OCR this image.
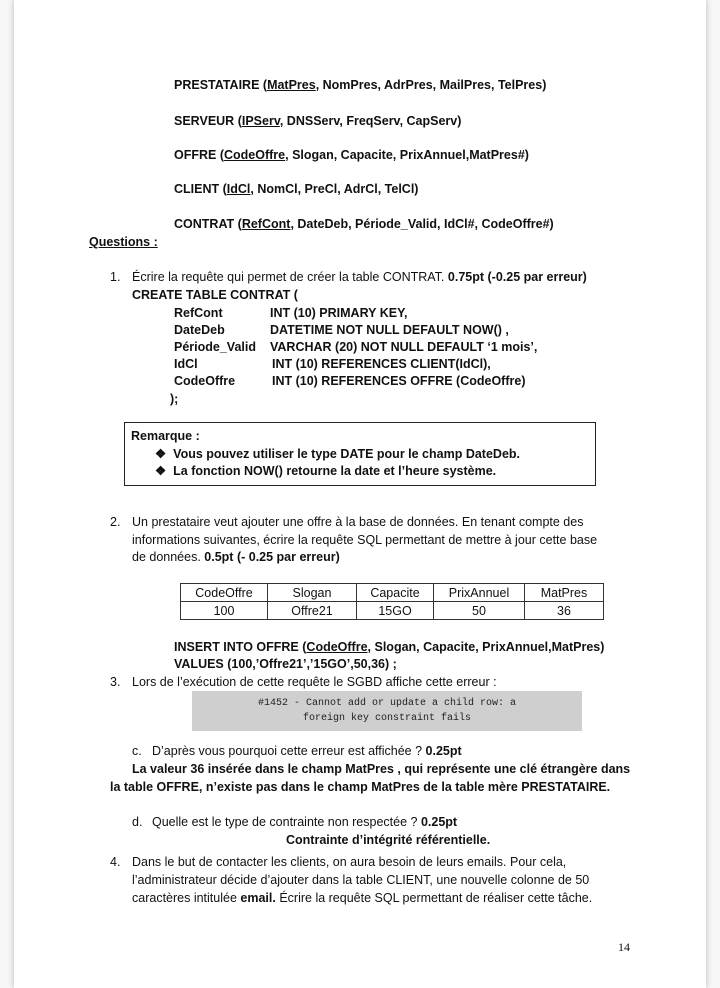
PRESTATAIRE (MatPres, NomPres, AdrPres, MailPres, TelPres)
SERVEUR (IPServ, DNSServ, FreqServ, CapServ)
OFFRE (CodeOffre, Slogan, Capacite, PrixAnnuel,MatPres#)
CLIENT (IdCl, NomCl, PreCl, AdrCl, TelCl)
CONTRAT (RefCont, DateDeb, Période_Valid, IdCl#, CodeOffre#)
Questions :
1. Écrire la requête qui permet de créer la table CONTRAT. 0.75pt (-0.25 par erreur)
CREATE TABLE CONTRAT (
RefCont	INT (10) PRIMARY KEY,
DateDeb	DATETIME NOT NULL DEFAULT NOW() ,
Période_Valid VARCHAR (20) NOT NULL DEFAULT ‘1 mois’,
IdCl	INT (10) REFERENCES CLIENT(IdCl),
CodeOffre	INT (10) REFERENCES OFFRE (CodeOffre)
);
Remarque :
❖ Vous pouvez utiliser le type DATE pour le champ DateDeb.
❖ La fonction NOW() retourne la date et l’heure système.
2. Un prestataire veut ajouter une offre à la base de données. En tenant compte des
informations suivantes, écrire la requête SQL permettant de mettre à jour cette base
de données. 0.5pt (- 0.25 par erreur)
CodeOffre	Slogan	Capacite	PrixAnnuel	MatPres
100	Offre21	15GO	50	36
INSERT INTO OFFRE (CodeOffre, Slogan, Capacite, PrixAnnuel,MatPres)
VALUES (100,’Offre21’,’15GO’,50,36) ;
3. Lors de l’exécution de cette requête le SGBD affiche cette erreur :
#1452 - Cannot add or update a child row: a
foreign key constraint fails
c. D’après vous pourquoi cette erreur est affichée ? 0.25pt
La valeur 36 insérée dans le champ MatPres , qui représente une clé étrangère dans
la table OFFRE, n’existe pas dans le champ MatPres de la table mère PRESTATAIRE.
d. Quelle est le type de contrainte non respectée ? 0.25pt
Contrainte d’intégrité référentielle.
4. Dans le but de contacter les clients, on aura besoin de leurs emails. Pour cela,
l’administrateur décide d’ajouter dans la table CLIENT, une nouvelle colonne de 50
caractères intitulée email. Écrire la requête SQL permettant de réaliser cette tâche.
14
